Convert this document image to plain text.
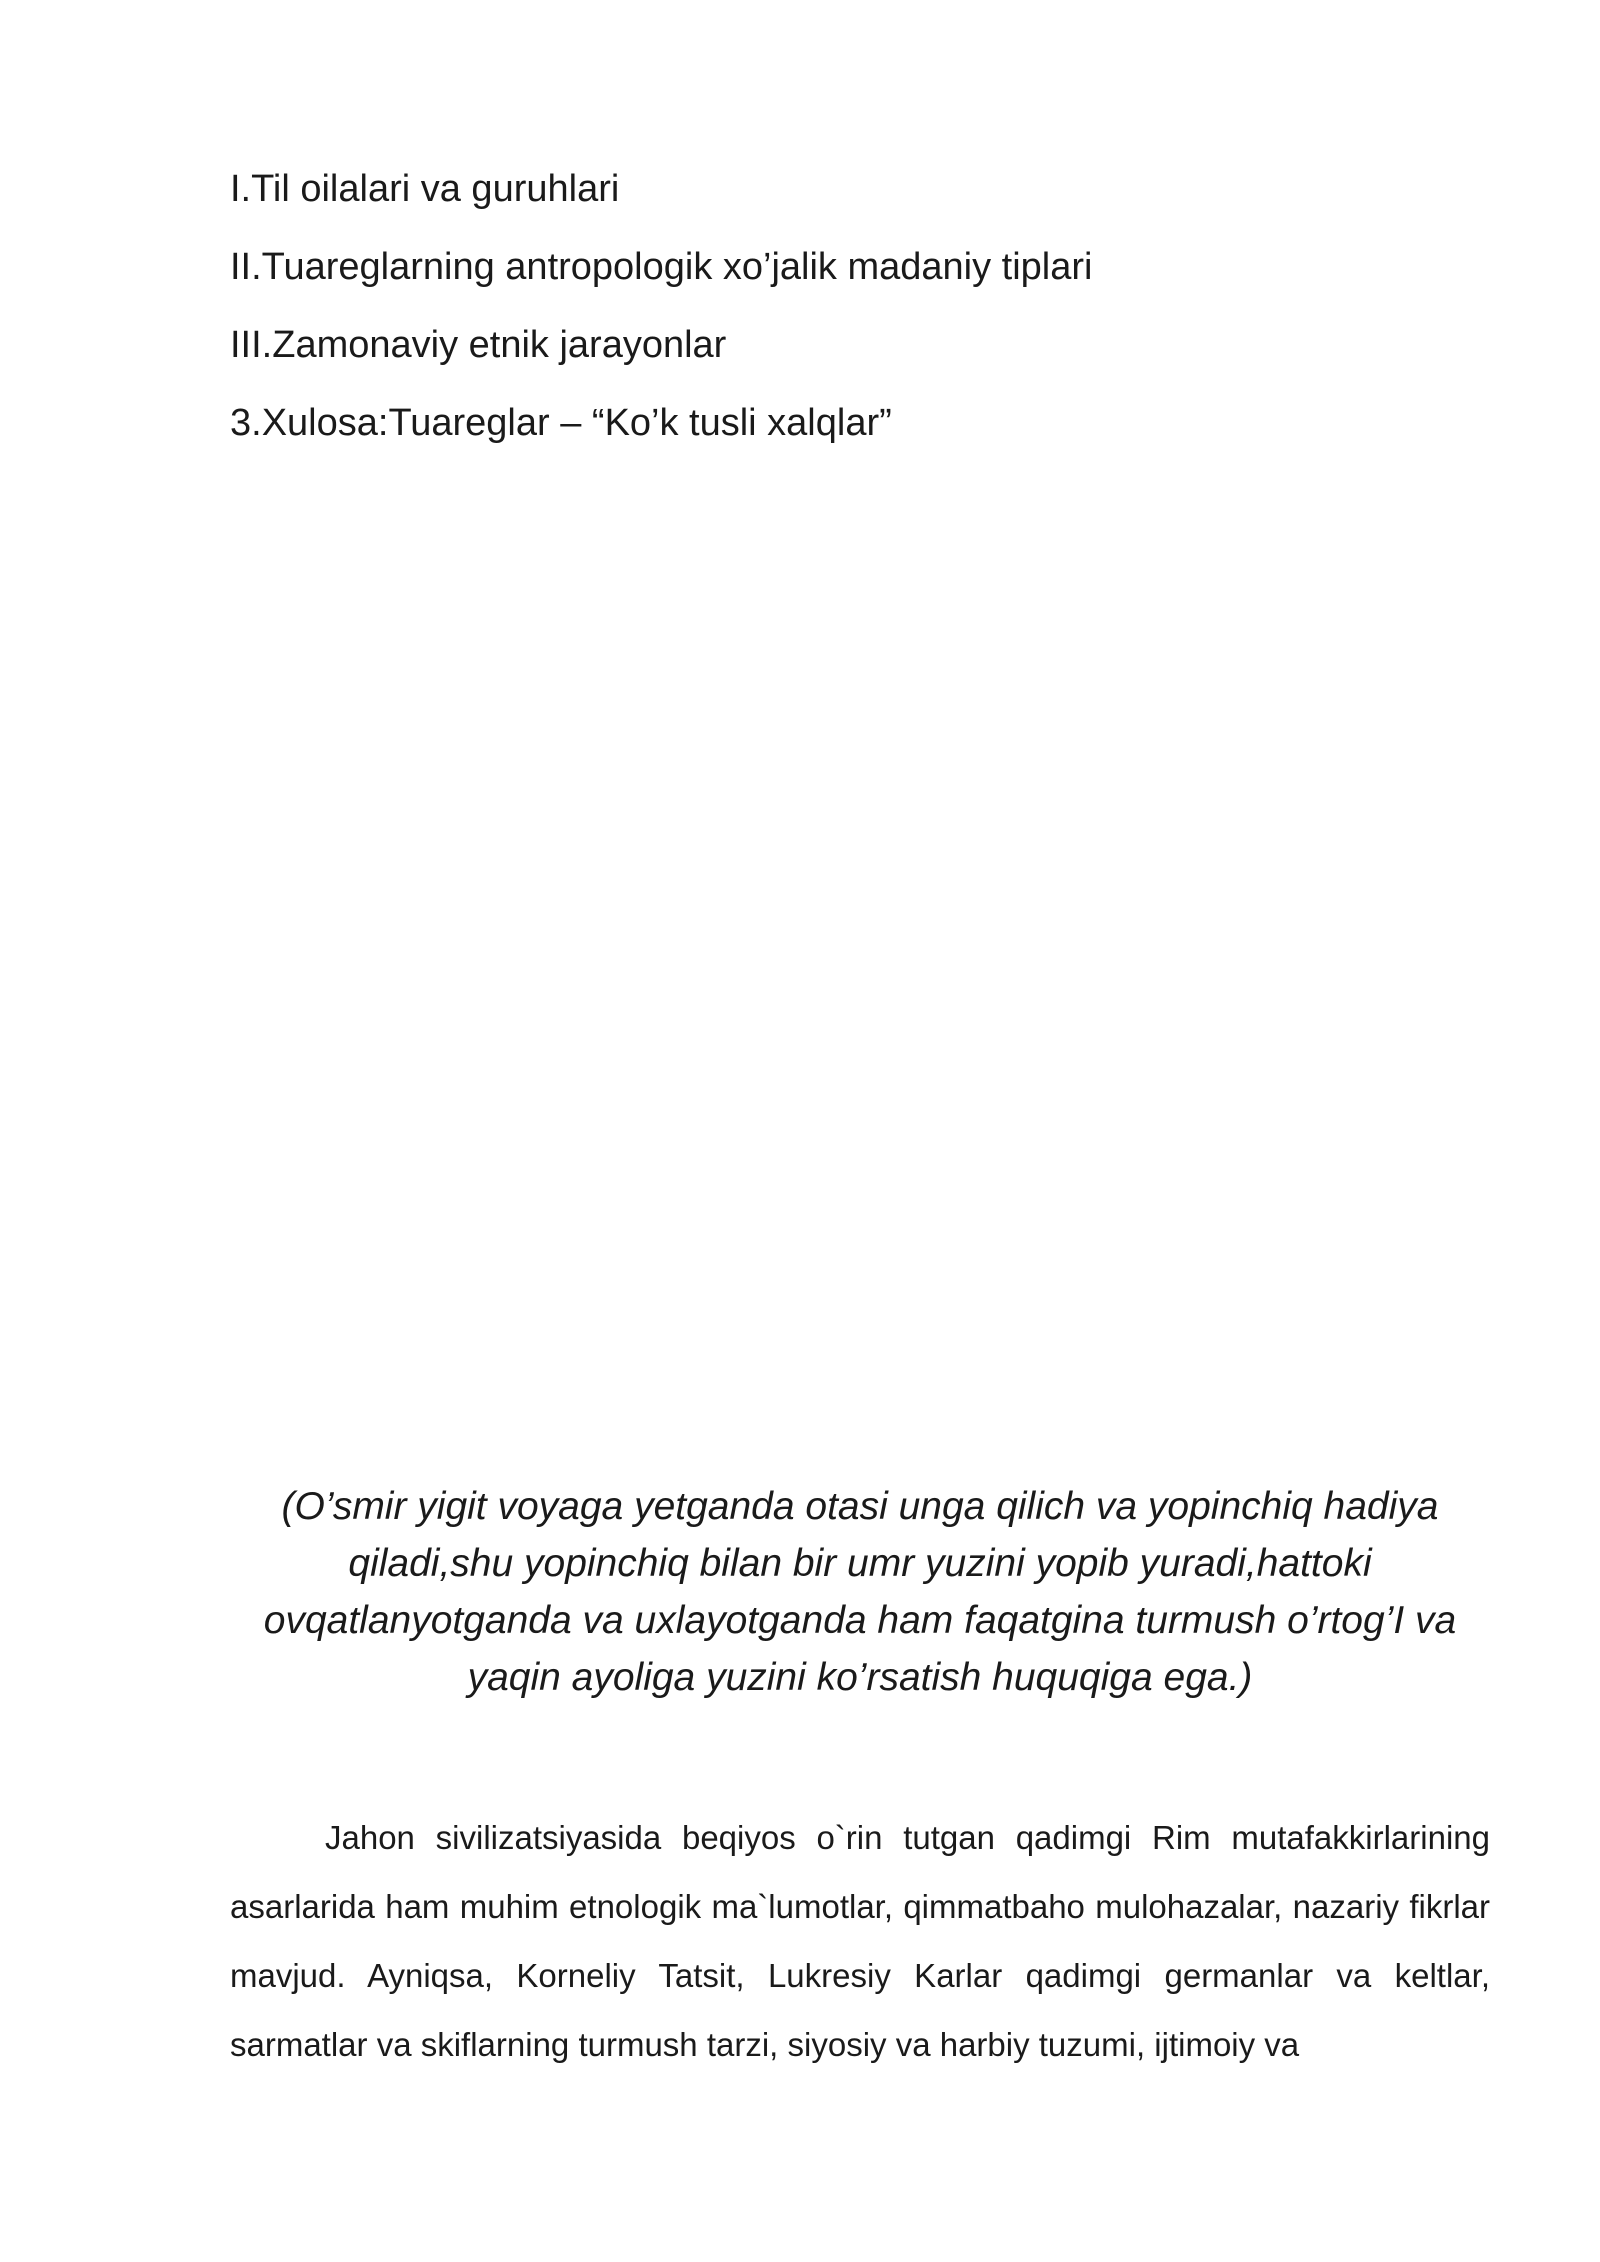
I.Til oilalari va guruhlari
II.Tuareglarning antropologik xo’jalik madaniy tiplari
III.Zamonaviy etnik jarayonlar
3.Xulosa:Tuareglar – “Ko’k tusli xalqlar”
(O’smir yigit voyaga yetganda otasi unga qilich va yopinchiq hadiya qiladi,shu yopinchiq bilan bir umr yuzini yopib yuradi,hattoki ovqatlanyotganda va uxlayotganda ham faqatgina turmush o’rtog’I va yaqin ayoliga yuzini ko’rsatish huquqiga ega.)
Jahon sivilizatsiyasida beqiyos o`rin tutgan qadimgi Rim mutafakkirlarining asarlarida ham muhim etnologik ma`lumotlar, qimmatbaho mulohazalar, nazariy fikrlar mavjud. Ayniqsa, Korneliy Tatsit, Lukresiy Karlar qadimgi germanlar va keltlar, sarmatlar va skiflarning turmush tarzi, siyosiy va harbiy tuzumi, ijtimoiy va
